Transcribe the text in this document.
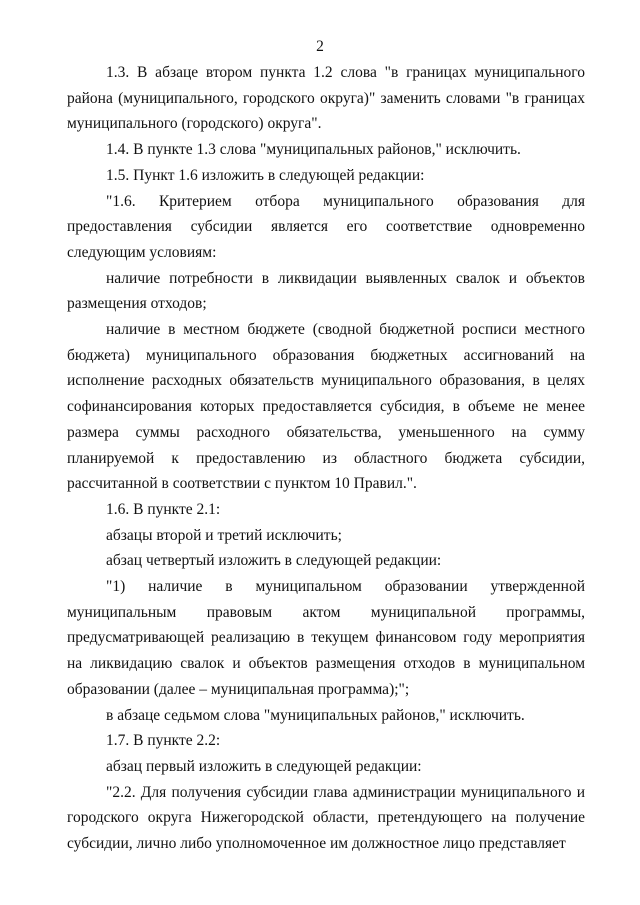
2

1.3. В абзаце втором пункта 1.2 слова "в границах муниципального района (муниципального, городского округа)" заменить словами "в границах муниципального (городского) округа".

1.4. В пункте 1.3 слова "муниципальных районов," исключить.

1.5. Пункт 1.6 изложить в следующей редакции:

"1.6. Критерием отбора муниципального образования для предоставления субсидии является его соответствие одновременно следующим условиям:

наличие потребности в ликвидации выявленных свалок и объектов размещения отходов;

наличие в местном бюджете (сводной бюджетной росписи местного бюджета) муниципального образования бюджетных ассигнований на исполнение расходных обязательств муниципального образования, в целях софинансирования которых предоставляется субсидия, в объеме не менее размера суммы расходного обязательства, уменьшенного на сумму планируемой к предоставлению из областного бюджета субсидии, рассчитанной в соответствии с пунктом 10 Правил.".

1.6. В пункте 2.1:

абзацы второй и третий исключить;

абзац четвертый изложить в следующей редакции:

"1) наличие в муниципальном образовании утвержденной муниципальным правовым актом муниципальной программы, предусматривающей реализацию в текущем финансовом году мероприятия на ликвидацию свалок и объектов размещения отходов в муниципальном образовании (далее – муниципальная программа);";

в абзаце седьмом слова "муниципальных районов," исключить.

1.7. В пункте 2.2:

абзац первый изложить в следующей редакции:

"2.2. Для получения субсидии глава администрации муниципального и городского округа Нижегородской области, претендующего на получение субсидии, лично либо уполномоченное им должностное лицо представляет
